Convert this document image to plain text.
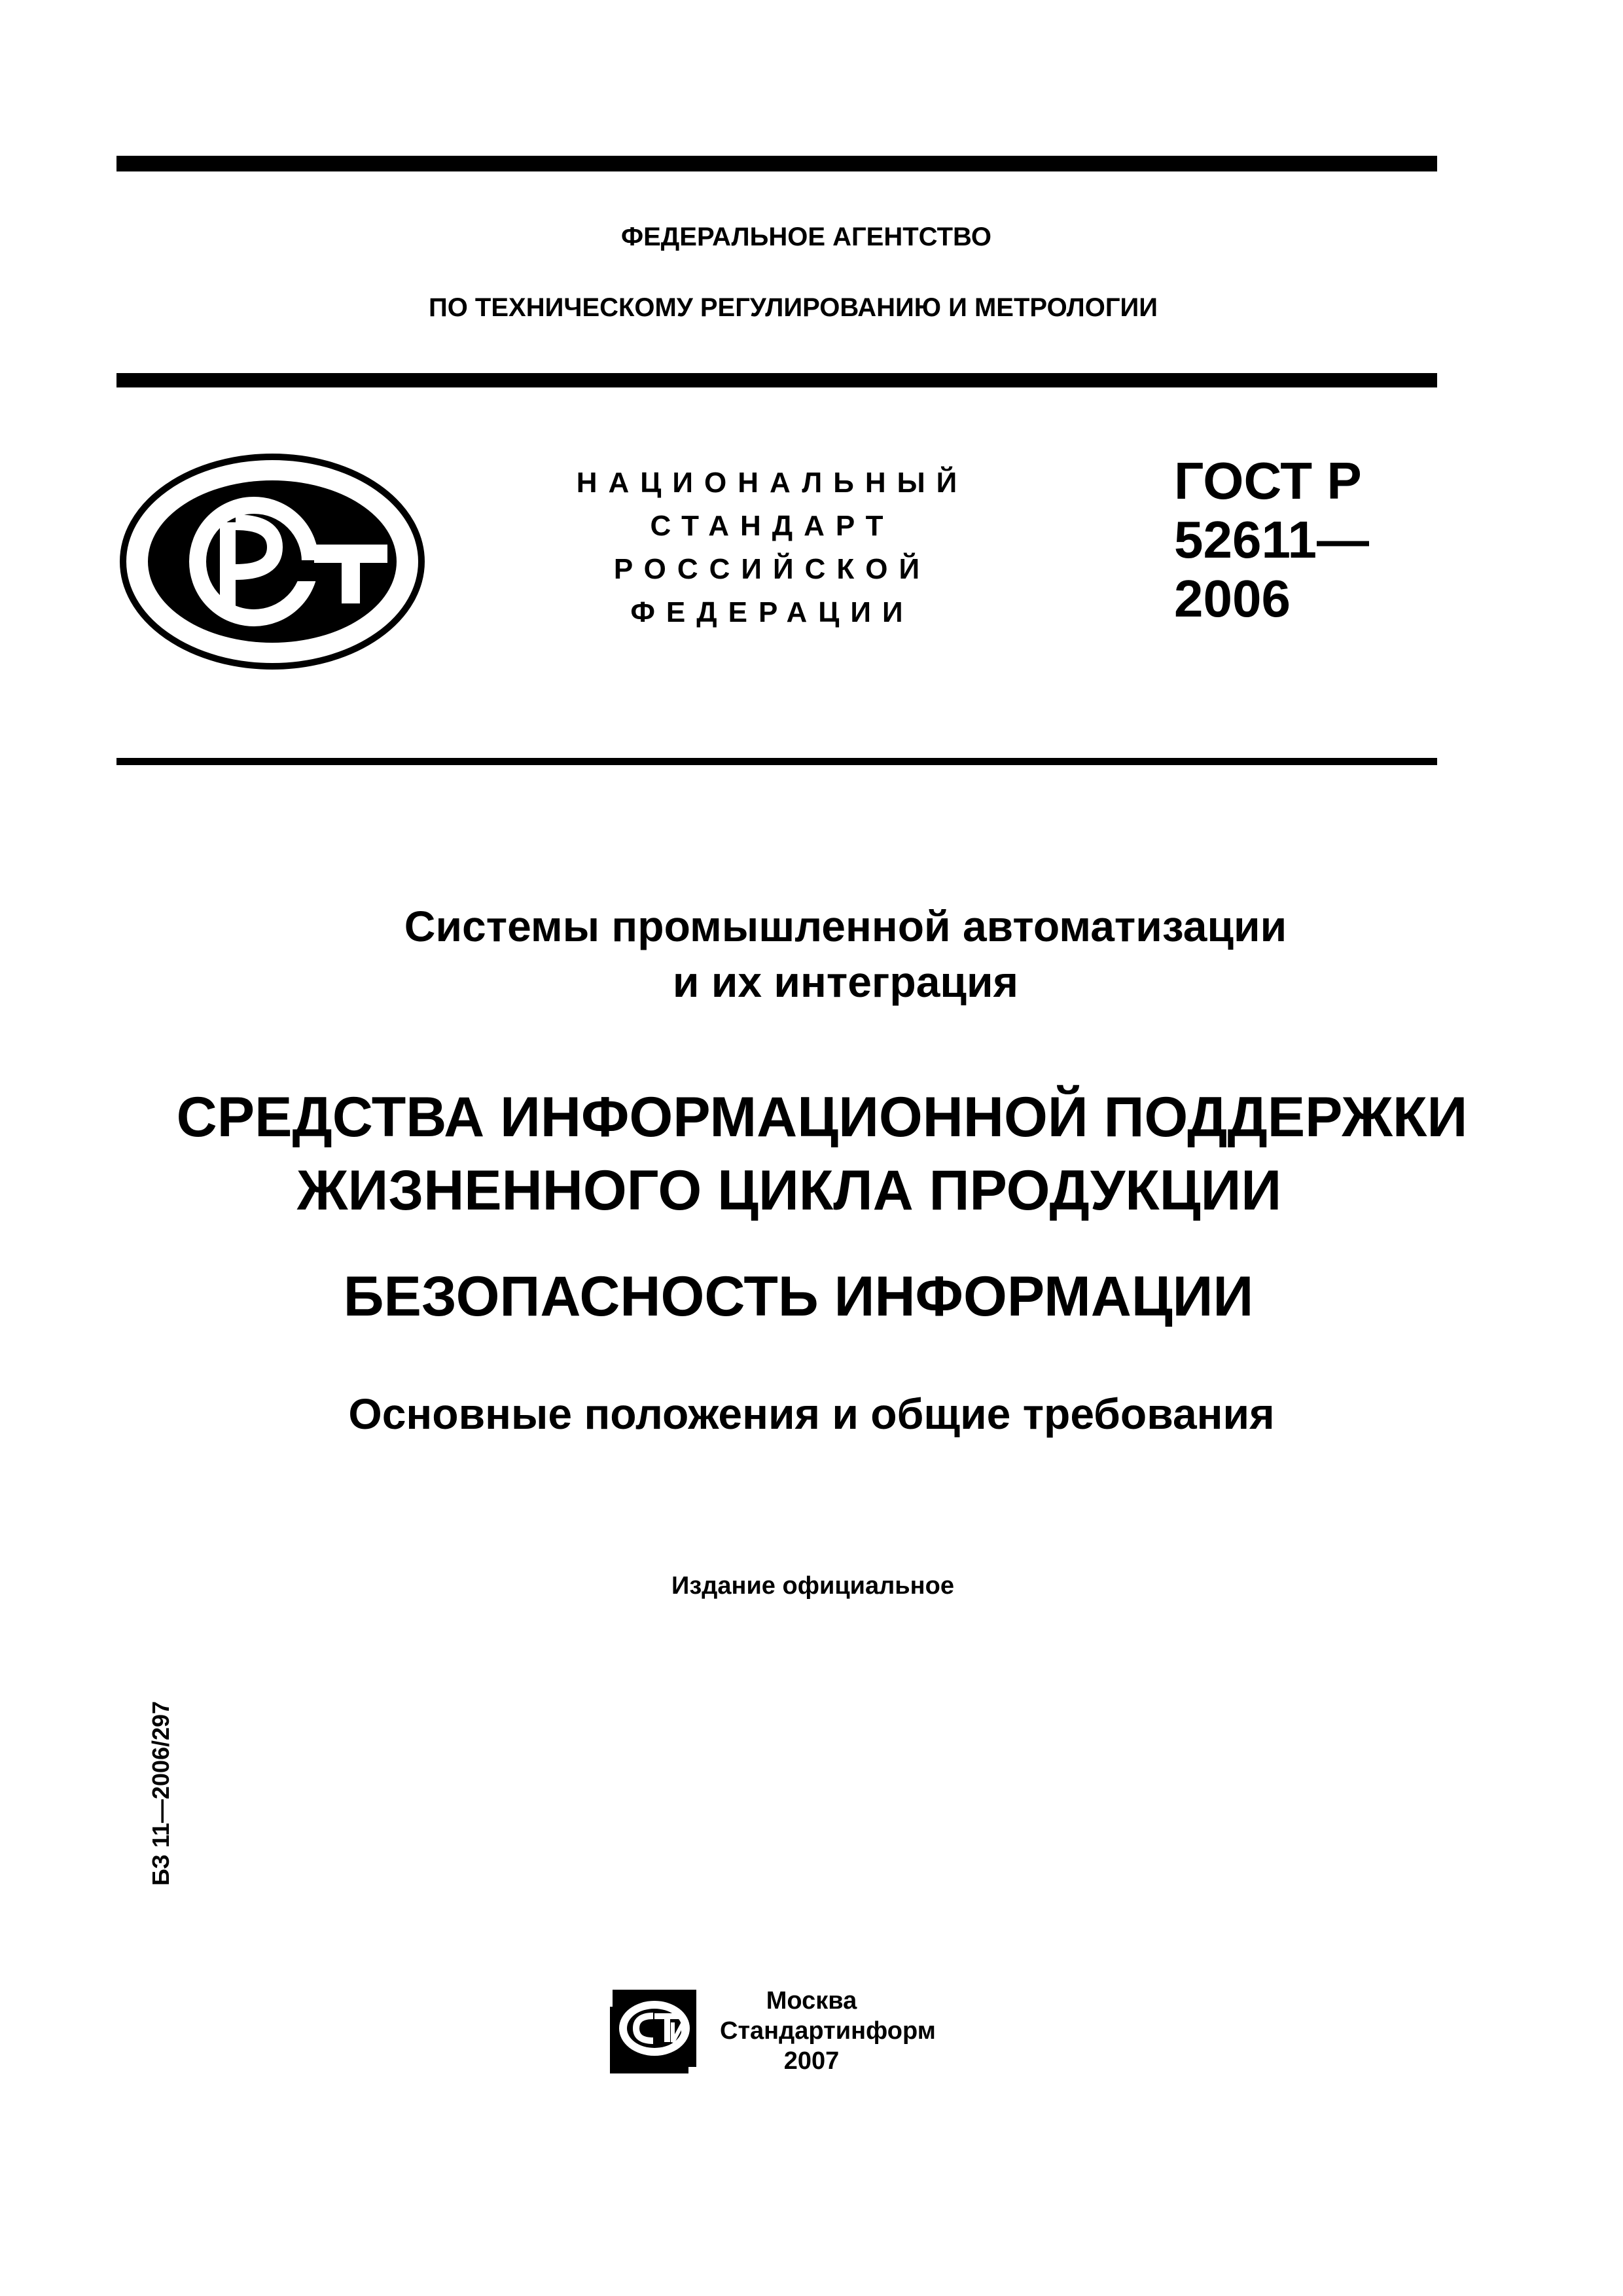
ФЕДЕРАЛЬНОЕ АГЕНТСТВО
ПО ТЕХНИЧЕСКОМУ РЕГУЛИРОВАНИЮ И МЕТРОЛОГИИ
НАЦИОНАЛЬНЫЙ
СТАНДАРТ
РОССИЙСКОЙ
ФЕДЕРАЦИИ
ГОСТ Р
52611—
2006
Системы промышленной автоматизации
и их интеграция
СРЕДСТВА ИНФОРМАЦИОННОЙ ПОДДЕРЖКИ
ЖИЗНЕННОГО ЦИКЛА ПРОДУКЦИИ
БЕЗОПАСНОСТЬ ИНФОРМАЦИИ
Основные положения и общие требования
Издание официальное
БЗ 11—2006/297
Москва
Стандартинформ
2007
